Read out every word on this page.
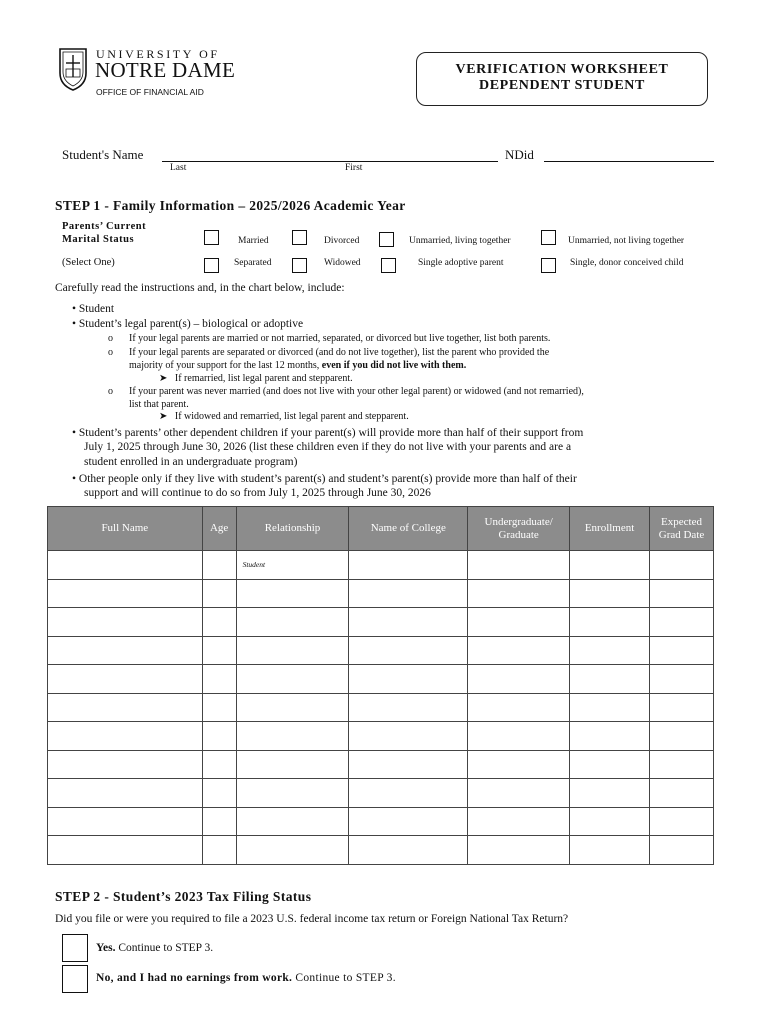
UNIVERSITY OF
NOTRE DAME
OFFICE OF FINANCIAL AID
VERIFICATION WORKSHEET
DEPENDENT STUDENT
Student's Name
Last	First
NDid
STEP 1 - Family Information – 2025/2026 Academic Year
Parents’ Current
Marital Status
(Select One)
Married	Divorced	Unmarried, living together	Unmarried, not living together
Separated	Widowed	Single adoptive parent	Single, donor conceived child
Carefully read the instructions and, in the chart below, include:
• Student
• Student’s legal parent(s) – biological or adoptive
o If your legal parents are married or not married, separated, or divorced but live together, list both parents.
o If your legal parents are separated or divorced (and do not live together), list the parent who provided the
majority of your support for the last 12 months, even if you did not live with them.
➤ If remarried, list legal parent and stepparent.
o If your parent was never married (and does not live with your other legal parent) or widowed (and not remarried),
list that parent.
➤ If widowed and remarried, list legal parent and stepparent.
• Student’s parents’ other dependent children if your parent(s) will provide more than half of their support from
July 1, 2025 through June 30, 2026 (list these children even if they do not live with your parents and are a
student enrolled in an undergraduate program)
• Other people only if they live with student’s parent(s) and student’s parent(s) provide more than half of their
support and will continue to do so from July 1, 2025 through June 30, 2026
Full Name	Age	Relationship	Name of College	Undergraduate/ Graduate	Enrollment	Expected Grad Date
		Student				

STEP 2 - Student’s 2023 Tax Filing Status
Did you file or were you required to file a 2023 U.S. federal income tax return or Foreign National Tax Return?
Yes. Continue to STEP 3.
No, and I had no earnings from work. Continue to STEP 3.
